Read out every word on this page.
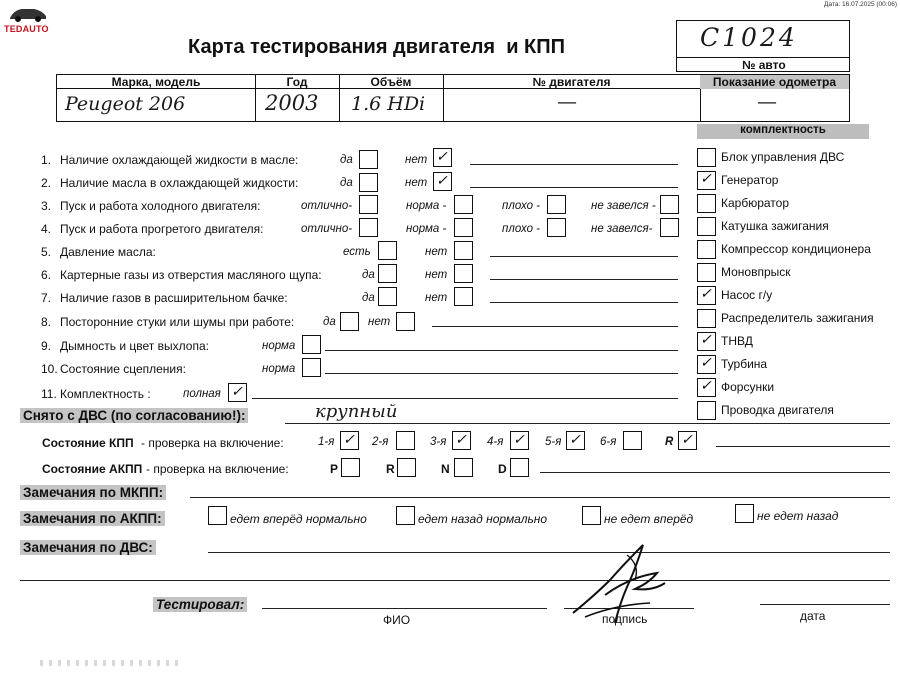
TEDAUTO
Дата: 16.07.2025 (00:06)
Карта тестирования двигателя  и КПП	C1024
№ авто
Марка, модель	Год	Объём	№ двигателя	Показание одометра
Peugeot 206	2003 1.6 HDi	—	—
комплектность
Блок управления ДВС
✓ Генератор
Карбюратор
Катушка зажигания
Компрессор кондиционера
Моновпрыск
✓ Насос г/у
Распределитель зажигания
✓ ТНВД
✓ Турбина
✓ Форсунки
Проводка двигателя
1. Наличие охлаждающей жидкости в масле:	да	нет ✓
2. Наличие масла в охлаждающей жидкости:	да	нет ✓
3. Пуск и работа холодного двигателя:	отлично-	норма -	плохо -	не завелся -
4. Пуск и работа прогретого двигателя:	отлично-	норма -	плохо -	не завелся-
5. Давление масла:	есть	нет
6. Картерные газы из отверстия масляного щупа:	да	нет
7. Наличие газов в расширительном бачке:	да	нет
8. Посторонние стуки или шумы при работе:	да	нет
9. Дымность и цвет выхлопа:	норма
10. Состояние сцепления:	норма
11. Комплектность :	полная ✓
Снято с ДВС (по согласованию!):	крупный
Состояние КПП - проверка на включение:	1-я ✓ 2-я	3-я ✓ 4-я ✓ 5-я ✓ 6-я	R ✓
Состояние АКПП - проверка на включение:	P	R	N	D
Замечания по МКПП:
Замечания по АКПП:	едет вперёд нормально	едет назад нормально	не едет вперёд	не едет назад
Замечания по ДВС:
Тестировал:
ФИО	подпись	дата
